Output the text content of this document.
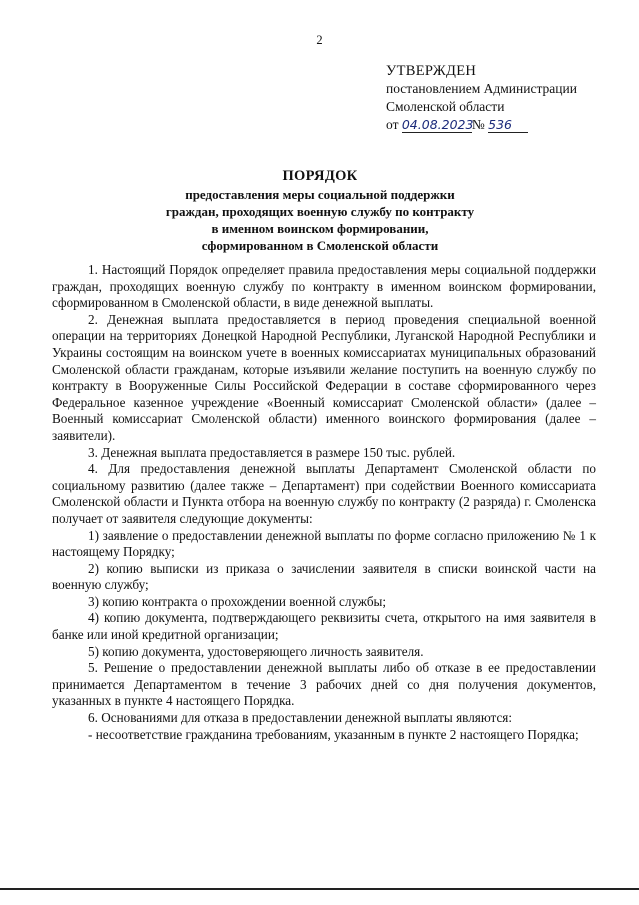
2
УТВЕРЖДЕН
постановлением Администрации
Смоленской области
от 04.08.2023№ 536
ПОРЯДОК
предоставления меры социальной поддержки
граждан, проходящих военную службу по контракту
в именном воинском формировании,
сформированном в Смоленской области

1. Настоящий Порядок определяет правила предоставления меры социальной поддержки граждан, проходящих военную службу по контракту в именном воинском формировании, сформированном в Смоленской области, в виде денежной выплаты.

2. Денежная выплата предоставляется в период проведения специальной военной операции на территориях Донецкой Народной Республики, Луганской Народной Республики и Украины состоящим на воинском учете в военных комиссариатах муниципальных образований Смоленской области гражданам, которые изъявили желание поступить на военную службу по контракту в Вооруженные Силы Российской Федерации в составе сформированного через Федеральное казенное учреждение «Военный комиссариат Смоленской области» (далее – Военный комиссариат Смоленской области) именного воинского формирования (далее – заявители).

3. Денежная выплата предоставляется в размере 150 тыс. рублей.

4. Для предоставления денежной выплаты Департамент Смоленской области по социальному развитию (далее также – Департамент) при содействии Военного комиссариата Смоленской области и Пункта отбора на военную службу по контракту (2 разряда) г. Смоленска получает от заявителя следующие документы:

1) заявление о предоставлении денежной выплаты по форме согласно приложению № 1 к настоящему Порядку;

2) копию выписки из приказа о зачислении заявителя в списки воинской части на военную службу;

3) копию контракта о прохождении военной службы;

4) копию документа, подтверждающего реквизиты счета, открытого на имя заявителя в банке или иной кредитной организации;

5) копию документа, удостоверяющего личность заявителя.

5. Решение о предоставлении денежной выплаты либо об отказе в ее предоставлении принимается Департаментом в течение 3 рабочих дней со дня получения документов, указанных в пункте 4 настоящего Порядка.

6. Основаниями для отказа в предоставлении денежной выплаты являются:

- несоответствие гражданина требованиям, указанным в пункте 2 настоящего Порядка;
